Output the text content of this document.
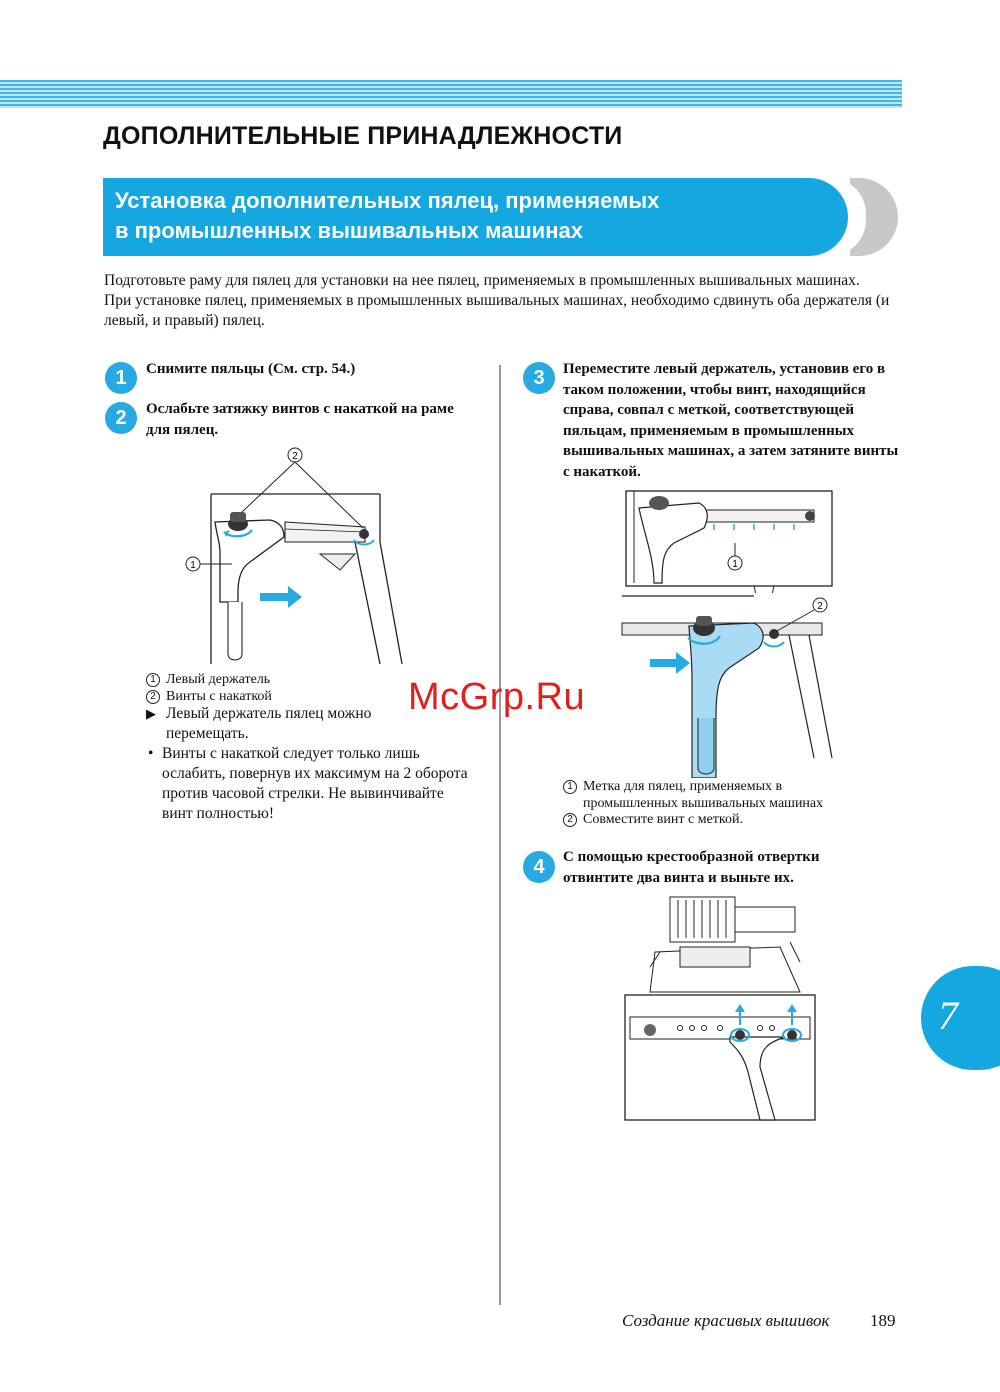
ДОПОЛНИТЕЛЬНЫЕ ПРИНАДЛЕЖНОСТИ
Установка дополнительных пялец, применяемых
в промышленных вышивальных машинах
Подготовьте раму для пялец для установки на нее пялец, применяемых в промышленных вышивальных машинах.
При установке пялец, применяемых в промышленных вышивальных машинах, необходимо сдвинуть оба держателя (и левый, и правый) пялец.
1	Снимите пяльцы (См. стр. 54.)
2	Ослабьте затяжку винтов с накаткой на раме для пялец.
2
1
1 Левый держатель
2 Винты с накаткой
▶ Левый держатель пялец можно перемещать.
• Винты с накаткой следует только лишь ослабить, повернув их максимум на 2 оборота против часовой стрелки. Не вывинчивайте винт полностью!
3	Переместите левый держатель, установив его в таком положении, чтобы винт, находящийся справа, совпал с меткой, соответствующей пяльцам, применяемым в промышленных вышивальных машинах, а затем затяните винты с накаткой.
1
2
1 Метка для пялец, применяемых в промышленных вышивальных машинах
2 Совместите винт с меткой.
4	С помощью крестообразной отвертки отвинтите два винта и выньте их.
McGrp.Ru
7
Создание красивых вышивок 189
